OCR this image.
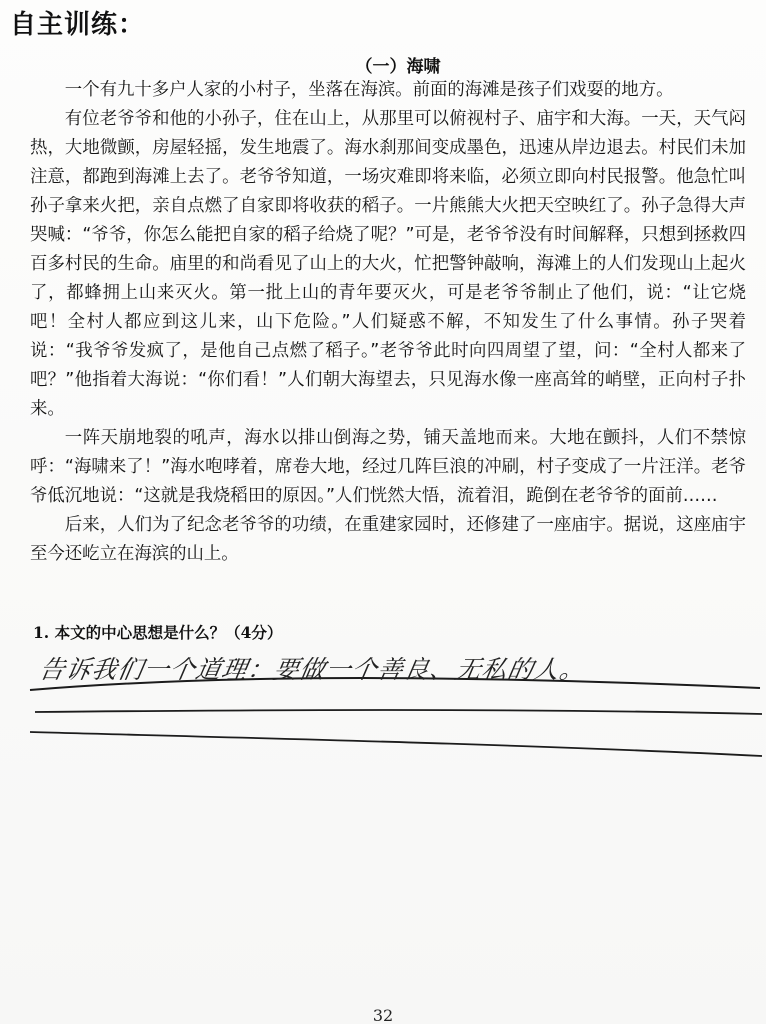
自主训练：
（一）海啸

一个有九十多户人家的小村子，坐落在海滨。前面的海滩是孩子们戏耍的地方。

有位老爷爷和他的小孙子，住在山上，从那里可以俯视村子、庙宇和大海。一天，天气闷热，大地微颤，房屋轻摇，发生地震了。海水刹那间变成墨色，迅速从岸边退去。村民们未加注意，都跑到海滩上去了。老爷爷知道，一场灾难即将来临，必须立即向村民报警。他急忙叫孙子拿来火把，亲自点燃了自家即将收获的稻子。一片熊熊大火把天空映红了。孙子急得大声哭喊：“爷爷，你怎么能把自家的稻子给烧了呢？”可是，老爷爷没有时间解释，只想到拯救四百多村民的生命。庙里的和尚看见了山上的大火，忙把警钟敲响，海滩上的人们发现山上起火了，都蜂拥上山来灭火。第一批上山的青年要灭火，可是老爷爷制止了他们，说：“让它烧吧！全村人都应到这儿来，山下危险。”人们疑惑不解，不知发生了什么事情。孙子哭着说：“我爷爷发疯了，是他自己点燃了稻子。”老爷爷此时向四周望了望，问：“全村人都来了吧？”他指着大海说：“你们看！”人们朝大海望去，只见海水像一座高耸的峭壁，正向村子扑来。

一阵天崩地裂的吼声，海水以排山倒海之势，铺天盖地而来。大地在颤抖，人们不禁惊呼：“海啸来了！”海水咆哮着，席卷大地，经过几阵巨浪的冲刷，村子变成了一片汪洋。老爷爷低沉地说：“这就是我烧稻田的原因。”人们恍然大悟，流着泪，跪倒在老爷爷的面前……

后来，人们为了纪念老爷爷的功绩，在重建家园时，还修建了一座庙宇。据说，这座庙宇至今还屹立在海滨的山上。

1. 本文的中心思想是什么？（4分）
告诉我们一个道理：要做一个善良、无私的人。
32
